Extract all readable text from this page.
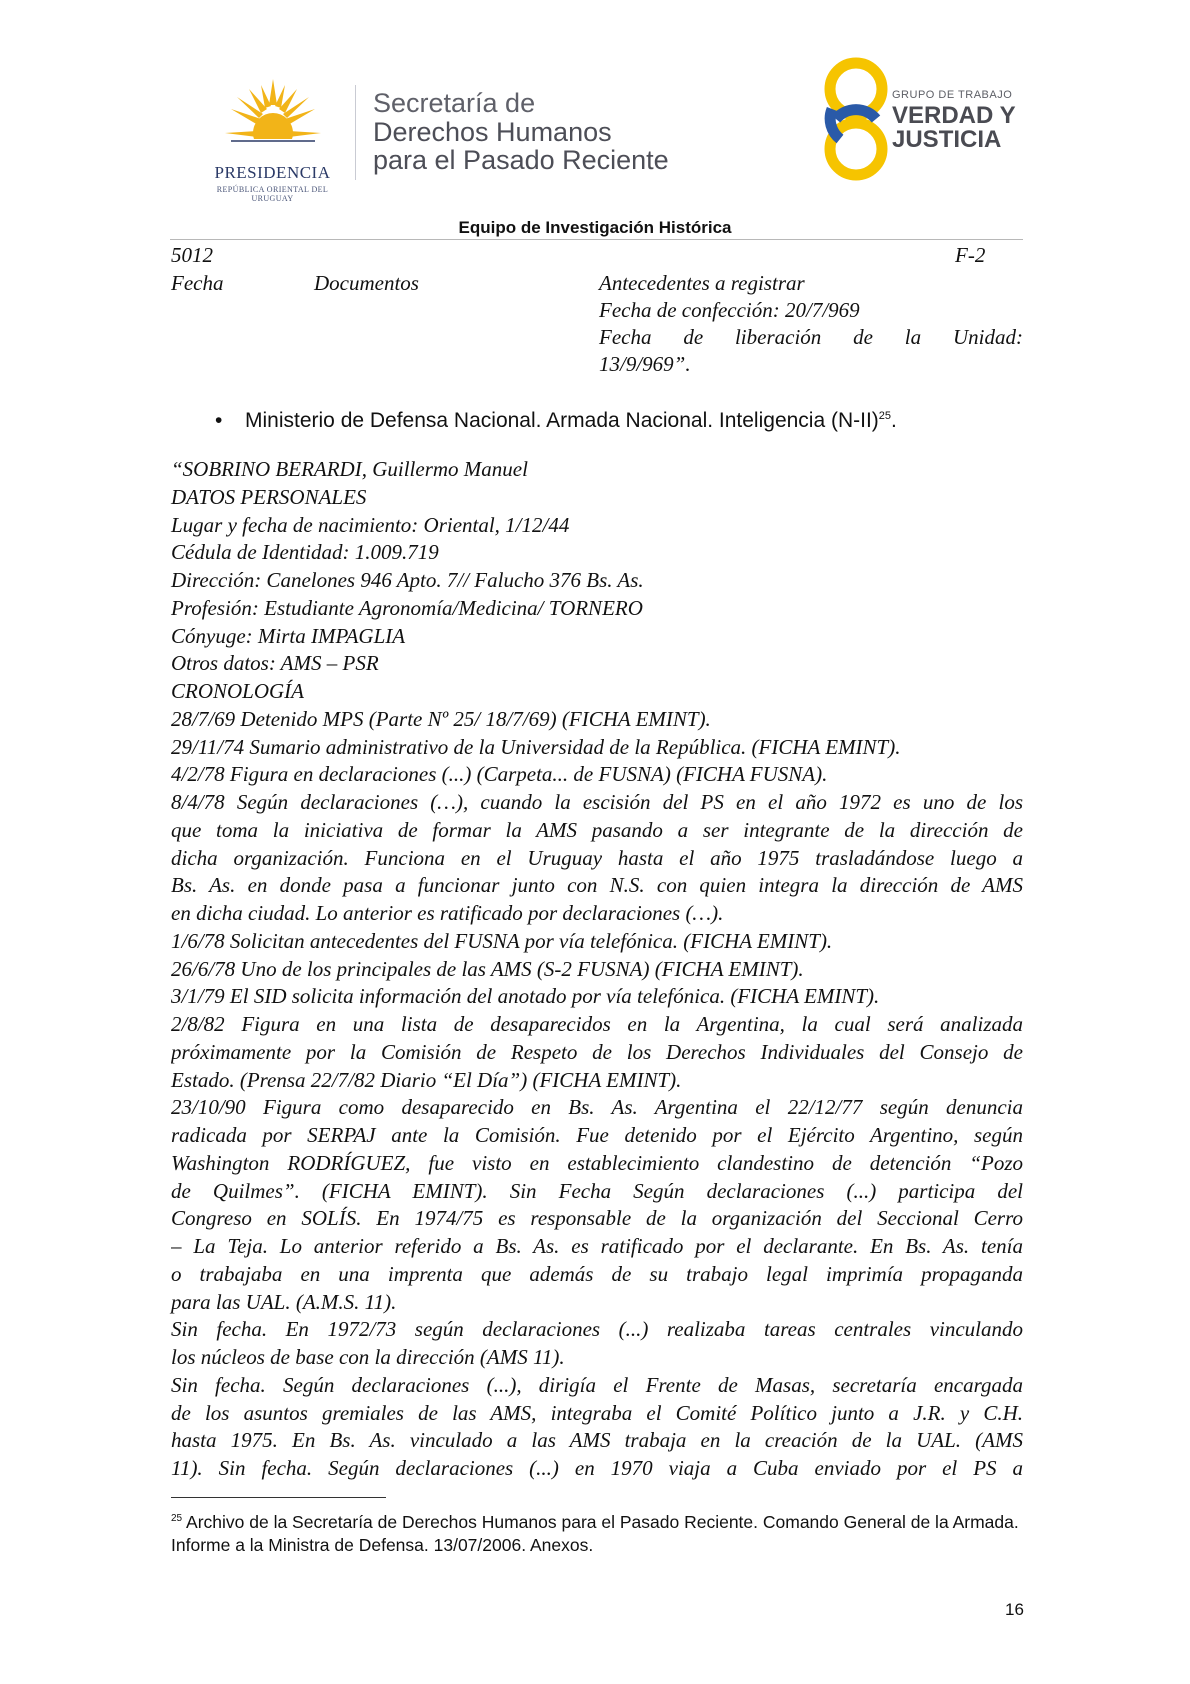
PRESIDENCIA
REPÚBLICA ORIENTAL DEL URUGUAY
Secretaría de
Derechos Humanos
para el Pasado Reciente
GRUPO DE TRABAJO
VERDAD Y
JUSTICIA
Equipo de Investigación Histórica
5012	F-2
Fecha	Documentos	Antecedentes a registrar
Fecha de confección: 20/7/969
Fecha de liberación de la Unidad:
13/9/969”.
• Ministerio de Defensa Nacional. Armada Nacional. Inteligencia $(N-II)^{25}$.
“SOBRINO BERARDI, Guillermo Manuel
DATOS PERSONALES
Lugar y fecha de nacimiento: Oriental, 1/12/44
Cédula de Identidad: 1.009.719
Dirección: Canelones 946 Apto. 7// Falucho 376 Bs. As.
Profesión: Estudiante Agronomía/Medicina/ TORNERO
Cónyuge: Mirta IMPAGLIA
Otros datos: AMS – PSR
CRONOLOGÍA
28/7/69 Detenido MPS (Parte Nº 25/ 18/7/69) (FICHA EMINT).
29/11/74 Sumario administrativo de la Universidad de la República. (FICHA EMINT).
4/2/78 Figura en declaraciones (...) (Carpeta... de FUSNA) (FICHA FUSNA).
8/4/78 Según declaraciones (…), cuando la escisión del PS en el año 1972 es uno de los
que toma la iniciativa de formar la AMS pasando a ser integrante de la dirección de
dicha organización. Funciona en el Uruguay hasta el año 1975 trasladándose luego a
Bs. As. en donde pasa a funcionar junto con N.S. con quien integra la dirección de AMS
en dicha ciudad. Lo anterior es ratificado por declaraciones (…).
1/6/78 Solicitan antecedentes del FUSNA por vía telefónica. (FICHA EMINT).
26/6/78 Uno de los principales de las AMS (S-2 FUSNA) (FICHA EMINT).
3/1/79 El SID solicita información del anotado por vía telefónica. (FICHA EMINT).
2/8/82 Figura en una lista de desaparecidos en la Argentina, la cual será analizada
próximamente por la Comisión de Respeto de los Derechos Individuales del Consejo de
Estado. (Prensa 22/7/82 Diario “El Día”) (FICHA EMINT).
23/10/90 Figura como desaparecido en Bs. As. Argentina el 22/12/77 según denuncia
radicada por SERPAJ ante la Comisión. Fue detenido por el Ejército Argentino, según
Washington RODRÍGUEZ, fue visto en establecimiento clandestino de detención “Pozo
de Quilmes”. (FICHA EMINT). Sin Fecha Según declaraciones (...) participa del
Congreso en SOLÍS. En 1974/75 es responsable de la organización del Seccional Cerro
– La Teja. Lo anterior referido a Bs. As. es ratificado por el declarante. En Bs. As. tenía
o trabajaba en una imprenta que además de su trabajo legal imprimía propaganda
para las UAL. (A.M.S. 11).
Sin fecha. En 1972/73 según declaraciones (...) realizaba tareas centrales vinculando
los núcleos de base con la dirección (AMS 11).
Sin fecha. Según declaraciones (...), dirigía el Frente de Masas, secretaría encargada
de los asuntos gremiales de las AMS, integraba el Comité Político junto a J.R. y C.H.
hasta 1975. En Bs. As. vinculado a las AMS trabaja en la creación de la UAL. (AMS
11). Sin fecha. Según declaraciones (...) en 1970 viaja a Cuba enviado por el PS a
$^{25}$ Archivo de la Secretaría de Derechos Humanos para el Pasado Reciente. Comando General de la Armada. Informe a la Ministra de Defensa. 13/07/2006. Anexos.
16
